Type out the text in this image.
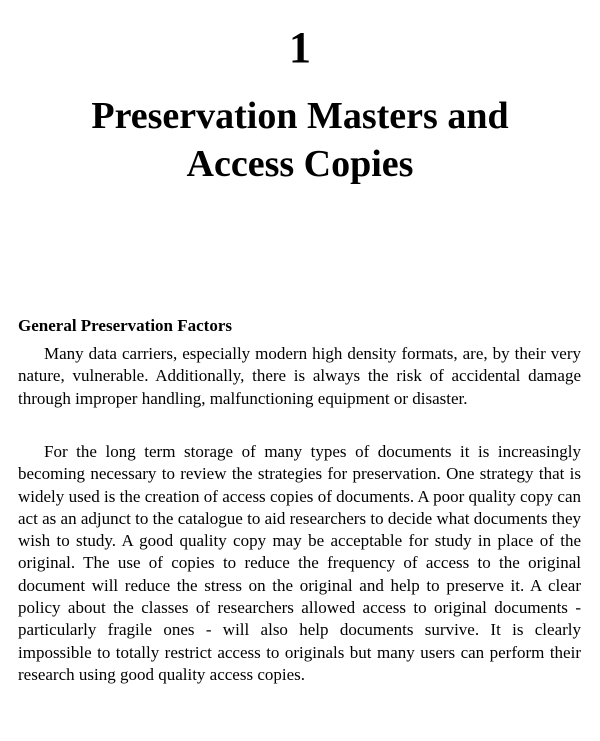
1
Preservation Masters and Access Copies
General Preservation Factors

Many data carriers, especially modern high density formats, are, by their very nature, vulnerable. Additionally, there is always the risk of accidental damage through improper handling, malfunctioning equipment or disaster.

For the long term storage of many types of documents it is increasingly becoming necessary to review the strategies for preservation. One strategy that is widely used is the creation of access copies of documents. A poor quality copy can act as an adjunct to the catalogue to aid researchers to decide what documents they wish to study. A good quality copy may be acceptable for study in place of the original. The use of copies to reduce the frequency of access to the original document will reduce the stress on the original and help to preserve it. A clear policy about the classes of researchers allowed access to original documents - particularly fragile ones - will also help documents survive. It is clearly impossible to totally restrict access to originals but many users can perform their research using good quality access copies.
